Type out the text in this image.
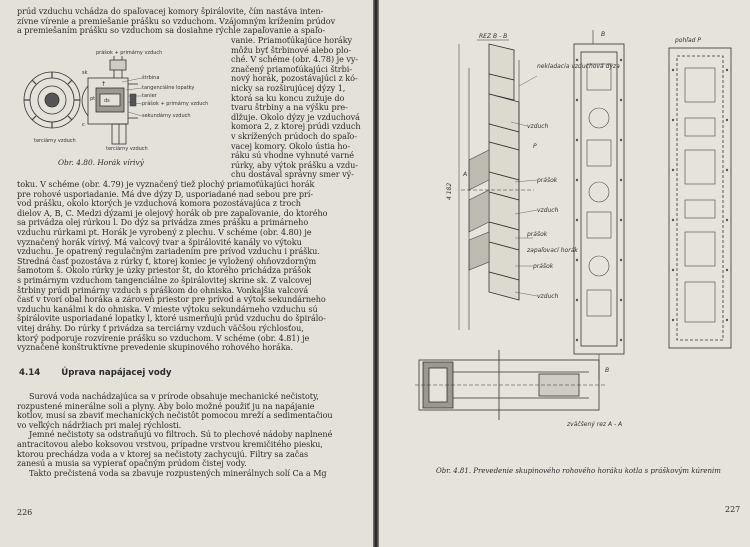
prúd vzduchu vchádza do spaľovacej komory špirálovite, čím nastáva inten-
zívne vírenie a premiešanie prášku so vzduchom. Vzájomným krížením prúdov
a premiešaním prášku so vzduchom sa dosiahne rýchle zapaľovanie a spaľo-
štrbina
tangenciálne lopatky
tanier
prášok + primárny vzduch
sekundárny vzduch
terciárny vzduch
terciárny vzduch
prášok + primárny vzduch
Ť
pt ds
c
sk
Obr. 4.80. Horák vírivý
vanie. Priamoťúkajúce horáky
môžu byť štrbinové alebo plo-
ché. V schéme (obr. 4.78) je vy-
značený priamoťúkajúci štrbi-
nový horák, pozostávajúci z kó-
nicky sa rozširujúcej dýzy 1,
ktorá sa ku koncu zužuje do
tvaru štrbiny a na výšku pre-
dlžuje. Okolo dýzy je vzduchová
komora 2, z ktorej prúdi vzduch
v skrížených prúdoch do spaľo-
vacej komory. Okolo ústia ho-
ráku sú vhodne vyhnuté varné
rúrky, aby výtok prášku a vzdu-
chu dostával správny smer vý-
toku. V schéme (obr. 4.79) je vyznačený tiež plochý priamoťúkajúci horák
pre rohové usporiadanie. Má dve dýzy D, usporiadané nad sebou pre prí-
vod prášku, okolo ktorých je vzduchová komora pozostávajúca z troch
dielov A, B, C. Medzi dýzami je olejový horák ob pre zapaľovanie, do ktorého
sa privádza olej rúrkou l. Do dýz sa privádza zmes prášku a primárneho
vzduchu rúrkami pt. Horák je vyrobený z plechu. V schéme (obr. 4.80) je
vyznačený horák vírivý. Má valcový tvar a špirálovité kanály vo výtoku
vzduchu. Je opatrený regulačným zariadením pre prívod vzduchu i prášku.
Stredná časť pozostáva z rúrky ť, ktorej koniec je vyložený ohňovzdorným
šamotom š. Okolo rúrky je úzky priestor št, do ktorého prichádza prášok
s primárnym vzduchom tangenciálne zo špirálovitej skrine sk. Z valcovej
štrbiny prúdi primárny vzduch s práškom do ohniska. Vonkajšia valcová
časť v tvorí obal horáka a zároveň priestor pre prívod a výtok sekundárneho
vzduchu kanálmi k do ohniska. V mieste výtoku sekundárneho vzduchu sú
špirálovite usporiadané lopatky l, ktoré usmerňujú prúd vzduchu do špirálo-
vitej dráhy. Do rúrky ť privádza sa terciárny vzduch väčšou rýchlosťou,
ktorý podporuje rozvírenie prášku so vzduchom. V schéme (obr. 4.81) je
vyznačené konštruktívne prevedenie skupinového rohového horáka.
4.14 Úprava napájacej vody
Surová voda nachádzajúca sa v prírode obsahuje mechanické nečistoty,
rozpustené minerálne soli a plyny. Aby bolo možné použiť ju na napájanie
kotlov, musí sa zbaviť mechanických nečistôt pomocou mreží a sedimentačiou
vo veľkých nádržiach pri malej rýchlosti.
Jemné nečistoty sa odstraňujú vo filtroch. Sú to plechové nádoby naplnené
antracitovou alebo koksovou vrstvou, prípadne vrstvou kremičitého piesku,
ktorou prechádza voda a v ktorej sa nečistoty zachycujú. Filtry sa začas
zanesú a musia sa vypierať opačným prúdom čistej vody.
Takto prečistená voda sa zbavuje rozpustených minerálnych solí Ca a Mg
226
REZ B - B
A
P
4 182
nekladacia vzduchová dýza
vzduch
prášok
vzduch
prášok
zapaľovací horák
prášok
vzduch
B
B
pohľad P
zväčšený rez A - A
Obr. 4.81. Prevedenie skupinového rohového horáku kotla s práškovým kúrenim
227
